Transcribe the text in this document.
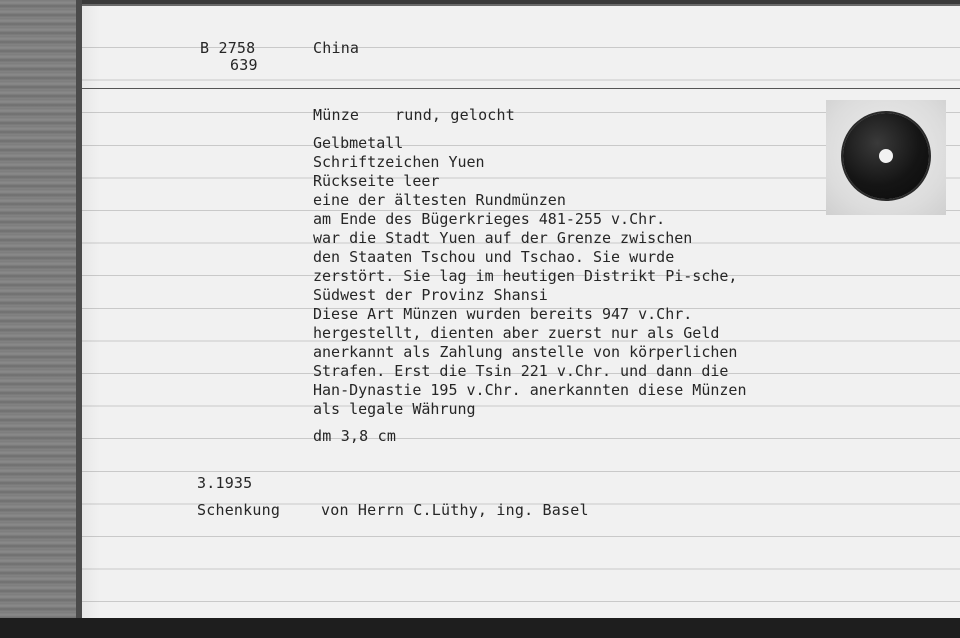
B 2758
639
China
Münze rund, gelocht
Gelbmetall
Schriftzeichen Yuen
Rückseite leer
eine der ältesten Rundmünzen
am Ende des Bügerkrieges 481-255 v.Chr.
war die Stadt Yuen auf der Grenze zwischen
den Staaten Tschou und Tschao. Sie wurde
zerstört. Sie lag im heutigen Distrikt Pi-sche,
Südwest der Provinz Shansi
Diese Art Münzen wurden bereits 947 v.Chr.
hergestellt, dienten aber zuerst nur als Geld
anerkannt als Zahlung anstelle von körperlichen
Strafen. Erst die Tsin 221 v.Chr. und dann die
Han-Dynastie 195 v.Chr. anerkannten diese Münzen
als legale Währung
dm 3,8 cm
3.1935
Schenkung	von Herrn C.Lüthy, ing. Basel
